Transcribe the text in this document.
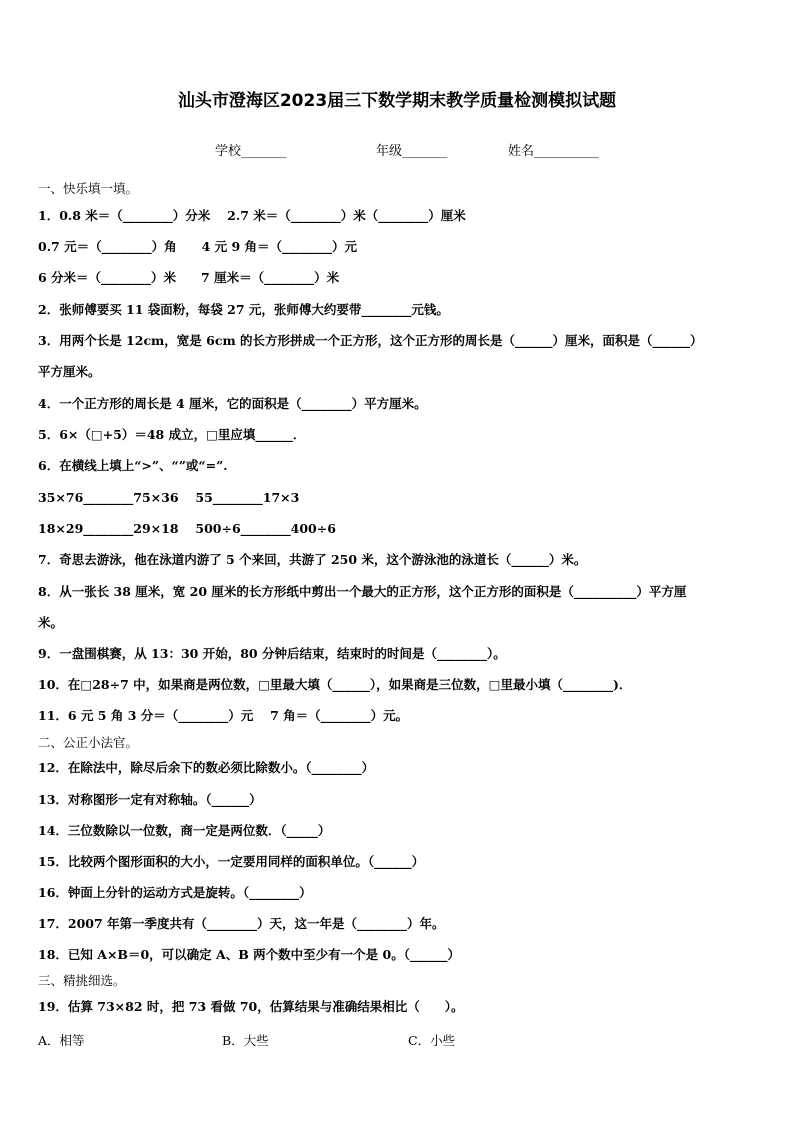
汕头市澄海区2023届三下数学期末教学质量检测模拟试题
学校_______	年级_______	姓名__________
一、快乐填一填。
1．0.8 米＝（________）分米　 2.7 米＝（________）米（________）厘米
0.7 元＝（________）角　　4 元 9 角＝（________）元
6 分米＝（________）米　　7 厘米＝（________）米
2．张师傅要买 11 袋面粉，每袋 27 元，张师傅大约要带________元钱。
3．用两个长是 12cm，宽是 6cm 的长方形拼成一个正方形，这个正方形的周长是（______）厘米，面积是（______）
平方厘米。
4．一个正方形的周长是 4 厘米，它的面积是（________）平方厘米。
5．6×（□+5）＝48 成立，□里应填______．
6．在横线上填上“>”、“”或“=”.
35×76________75×36　 55________17×3
18×29________29×18　 500÷6________400÷6
7．奇思去游泳，他在泳道内游了 5 个来回，共游了 250 米，这个游泳池的泳道长（______）米。
8．从一张长 38 厘米，宽 20 厘米的长方形纸中剪出一个最大的正方形，这个正方形的面积是（__________）平方厘
米。
9．一盘围棋赛，从 13：30 开始，80 分钟后结束，结束时的时间是（________）。
10．在□28÷7 中，如果商是两位数，□里最大填（______），如果商是三位数，□里最小填（________)．
11．6 元 5 角 3 分＝（________）元　 7 角＝（________）元。
二、公正小法官。
12．在除法中，除尽后余下的数必须比除数小。（________）
13．对称图形一定有对称轴。（______）
14．三位数除以一位数，商一定是两位数．（_____）
15．比较两个图形面积的大小，一定要用同样的面积单位。（______）
16．钟面上分针的运动方式是旋转。（________）
17．2007 年第一季度共有（________）天，这一年是（________）年。
18．已知 A×B＝0，可以确定 A、B 两个数中至少有一个是 0。（______）
三、精挑细选。
19．估算 73×82 时，把 73 看做 70，估算结果与准确结果相比（　　）。
A．相等	B．大些	C．小些
